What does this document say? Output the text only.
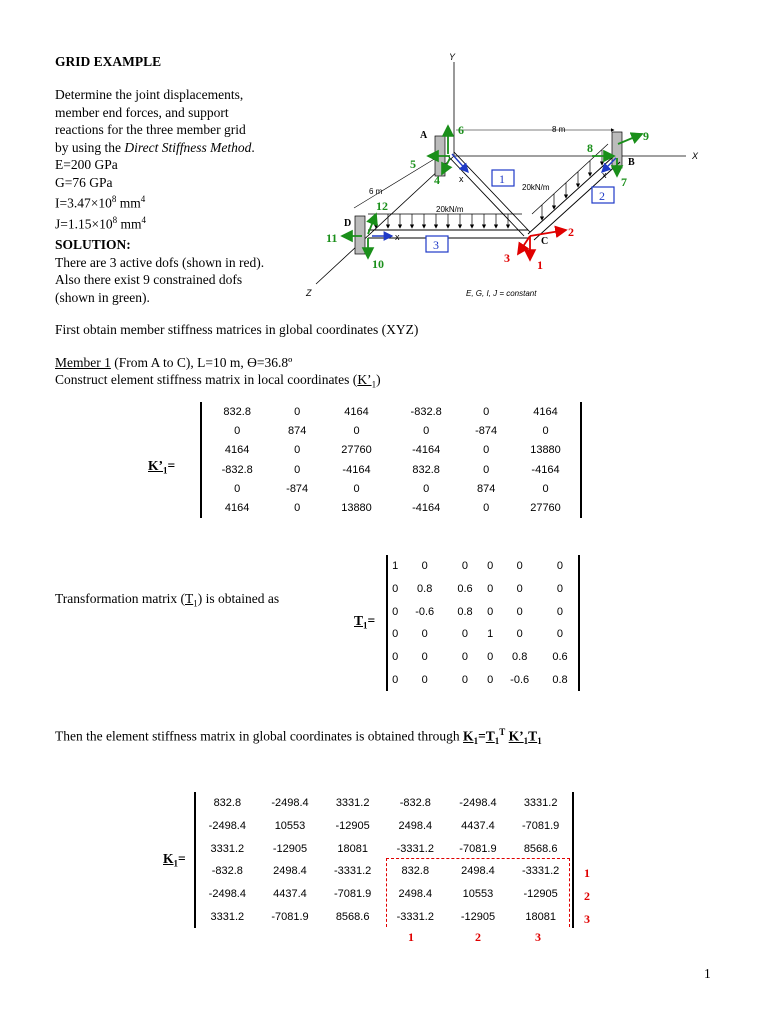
GRID EXAMPLE
Determine the joint displacements,
member end forces, and support
reactions for the three member grid
by using the Direct Stiffness Method.
E=200 GPa
G=76 GPa
$I=3.47\times 10^8$ $mm^4$
$J=1.15\times 10^8$ $mm^4$
SOLUTION:
There are 3 active dofs (shown in red).
Also there exist 9 constrained dofs
(shown in green).
Y
X
Z
8 m
6 m
20kN/m
20kN/m
A
B
C
D
1
2
3
x	x
x
6
5
4
9
8
7
12
11
10
2
1
3
E, G, I, J = constant
First obtain member stiffness matrices in global coordinates (XYZ)
Member 1 (From A to C), L=10 m, ϴ=36.8º
Construct element stiffness matrix in local coordinates $(K’_1)$
$K’_1=$
832.8	0	4164	-832.8	0	4164
0	874	0	0	-874	0
4164	0	27760	-4164	0	13880
-832.8	0	-4164	832.8	0	-4164
0	-874	0	0	874	0
4164	0	13880	-4164	0	27760
Transformation matrix $(T_1)$ is obtained as
$T_1=$
1	0	0	0	0	0
0	0.8	0.6	0	0	0
0	-0.6	0.8	0	0	0
0	0	0	1	0	0
0	0	0	0	0.8	0.6
0	0	0	0	-0.6	0.8
Then the element stiffness matrix in global coordinates is obtained through $K_1=T_1^T$ $K’_1T_1$
$K_1=$
832.8	-2498.4	3331.2	-832.8	-2498.4	3331.2
-2498.4	10553	-12905	2498.4	4437.4	-7081.9
3331.2	-12905	18081	-3331.2	-7081.9	8568.6
-832.8	2498.4	-3331.2	832.8	2498.4	-3331.2
-2498.4	4437.4	-7081.9	2498.4	10553	-12905
3331.2	-7081.9	8568.6	-3331.2	-12905	18081
1
2
3
1	2	3
1
